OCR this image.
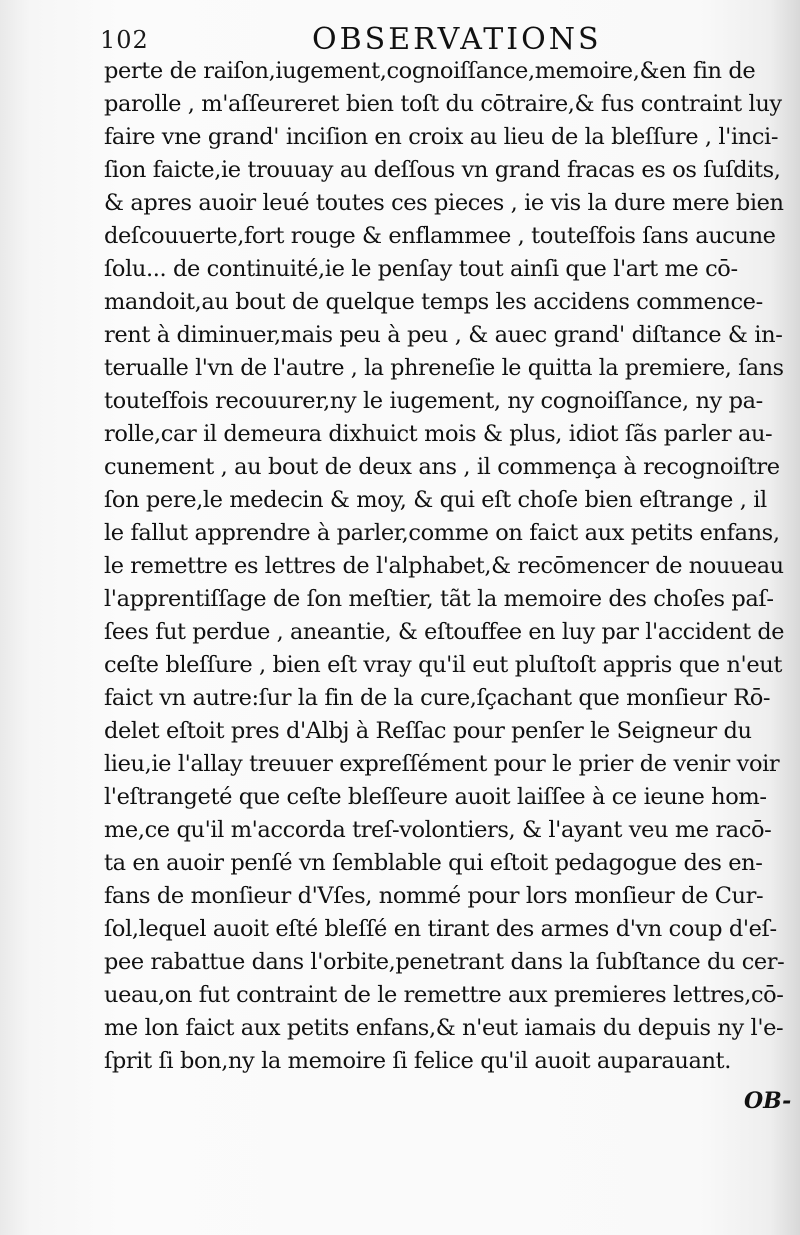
102	OBSERVATIONS
perte de raiſon,iugement,cognoiſſance,memoire,&en fin de
parolle , m'aſſeureret bien toſt du cōtraire,& fus contraint luy
faire vne grand' inciſion en croix au lieu de la bleſſure , l'inci-
ſion faicte,ie trouuay au deſſous vn grand fracas es os ſuſdits,
& apres auoir leué toutes ces pieces , ie vis la dure mere bien
deſcouuerte,fort rouge & enflammee , touteſfois ſans aucune
ſolu... de continuité,ie le penſay tout ainſi que l'art me cō-
mandoit,au bout de quelque temps les accidens commence-
rent à diminuer,mais peu à peu , & auec grand' diſtance & in-
terualle l'vn de l'autre , la phreneſie le quitta la premiere, ſans
touteſfois recouurer,ny le iugement, ny cognoiſſance, ny pa-
rolle,car il demeura dixhuict mois & plus, idiot ſãs parler au-
cunement , au bout de deux ans , il commença à recognoiſtre
ſon pere,le medecin & moy, & qui eſt choſe bien eſtrange , il
le fallut apprendre à parler,comme on faict aux petits enfans,
le remettre es lettres de l'alphabet,& recōmencer de nouueau
l'apprentiſſage de ſon meſtier, tãt la memoire des choſes paſ-
ſees fut perdue , aneantie, & eſtouffee en luy par l'accident de
ceſte bleſſure , bien eſt vray qu'il eut pluſtoſt appris que n'eut
faict vn autre:ſur la fin de la cure,ſçachant que monſieur Rō-
delet eſtoit pres d'Albj à Reſſac pour penſer le Seigneur du
lieu,ie l'allay treuuer expreſſément pour le prier de venir voir
l'eſtrangeté que ceſte bleſſeure auoit laiſſee à ce ieune hom-
me,ce qu'il m'accorda treſ-volontiers, & l'ayant veu me racō-
ta en auoir penſé vn ſemblable qui eſtoit pedagogue des en-
fans de monſieur d'Vſes, nommé pour lors monſieur de Cur-
ſol,lequel auoit eſté bleſſé en tirant des armes d'vn coup d'eſ-
pee rabattue dans l'orbite,penetrant dans la ſubſtance du cer-
ueau,on fut contraint de le remettre aux premieres lettres,cō-
me lon faict aux petits enfans,& n'eut iamais du depuis ny l'e-
ſprit ſi bon,ny la memoire ſi felice qu'il auoit auparauant.
OB-
